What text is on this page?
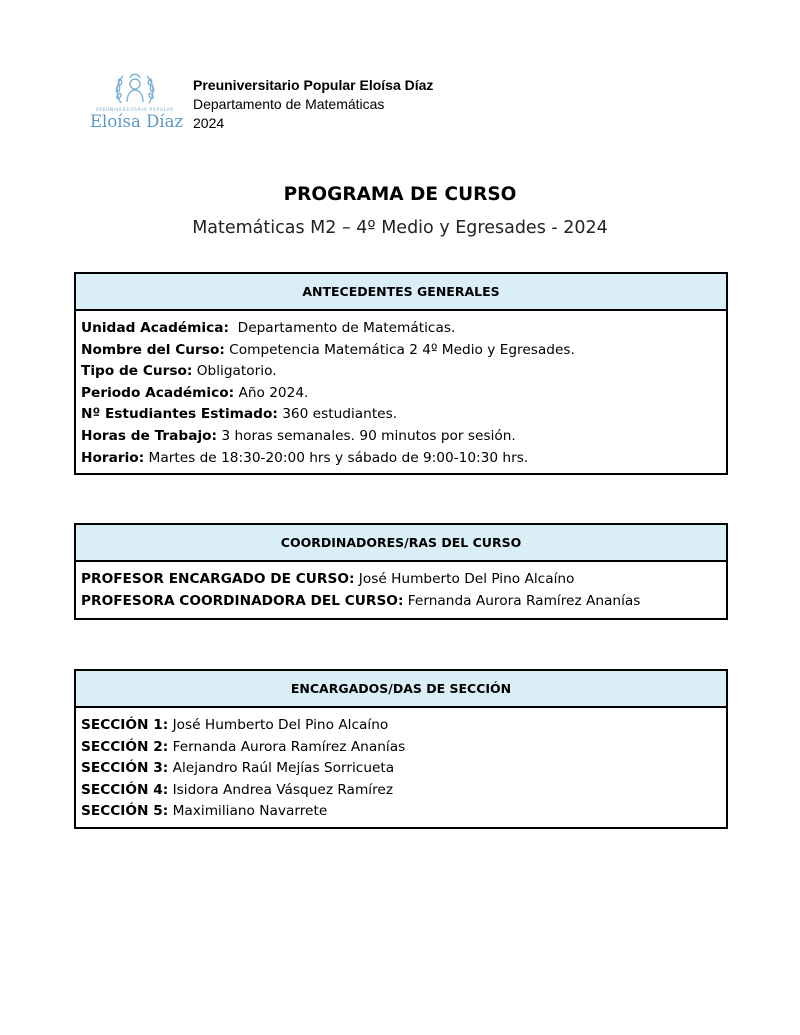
PREUNIVERSITARIO POPULAR
Eloísa Díaz
Preuniversitario Popular Eloísa Díaz
Departamento de Matemáticas
2024
PROGRAMA DE CURSO
Matemáticas M2 – 4º Medio y Egresades - 2024
ANTECEDENTES GENERALES
Unidad Académica:  Departamento de Matemáticas.
Nombre del Curso: Competencia Matemática 2 4º Medio y Egresades.
Tipo de Curso: Obligatorio.
Periodo Académico: Año 2024.
Nº Estudiantes Estimado: 360 estudiantes.
Horas de Trabajo: 3 horas semanales. 90 minutos por sesión.
Horario: Martes de 18:30-20:00 hrs y sábado de 9:00-10:30 hrs.
COORDINADORES/RAS DEL CURSO
PROFESOR ENCARGADO DE CURSO: José Humberto Del Pino Alcaíno
PROFESORA COORDINADORA DEL CURSO: Fernanda Aurora Ramírez Ananías
ENCARGADOS/DAS DE SECCIÓN
SECCIÓN 1: José Humberto Del Pino Alcaíno
SECCIÓN 2: Fernanda Aurora Ramírez Ananías
SECCIÓN 3: Alejandro Raúl Mejías Sorricueta
SECCIÓN 4: Isidora Andrea Vásquez Ramírez
SECCIÓN 5: Maximiliano Navarrete
